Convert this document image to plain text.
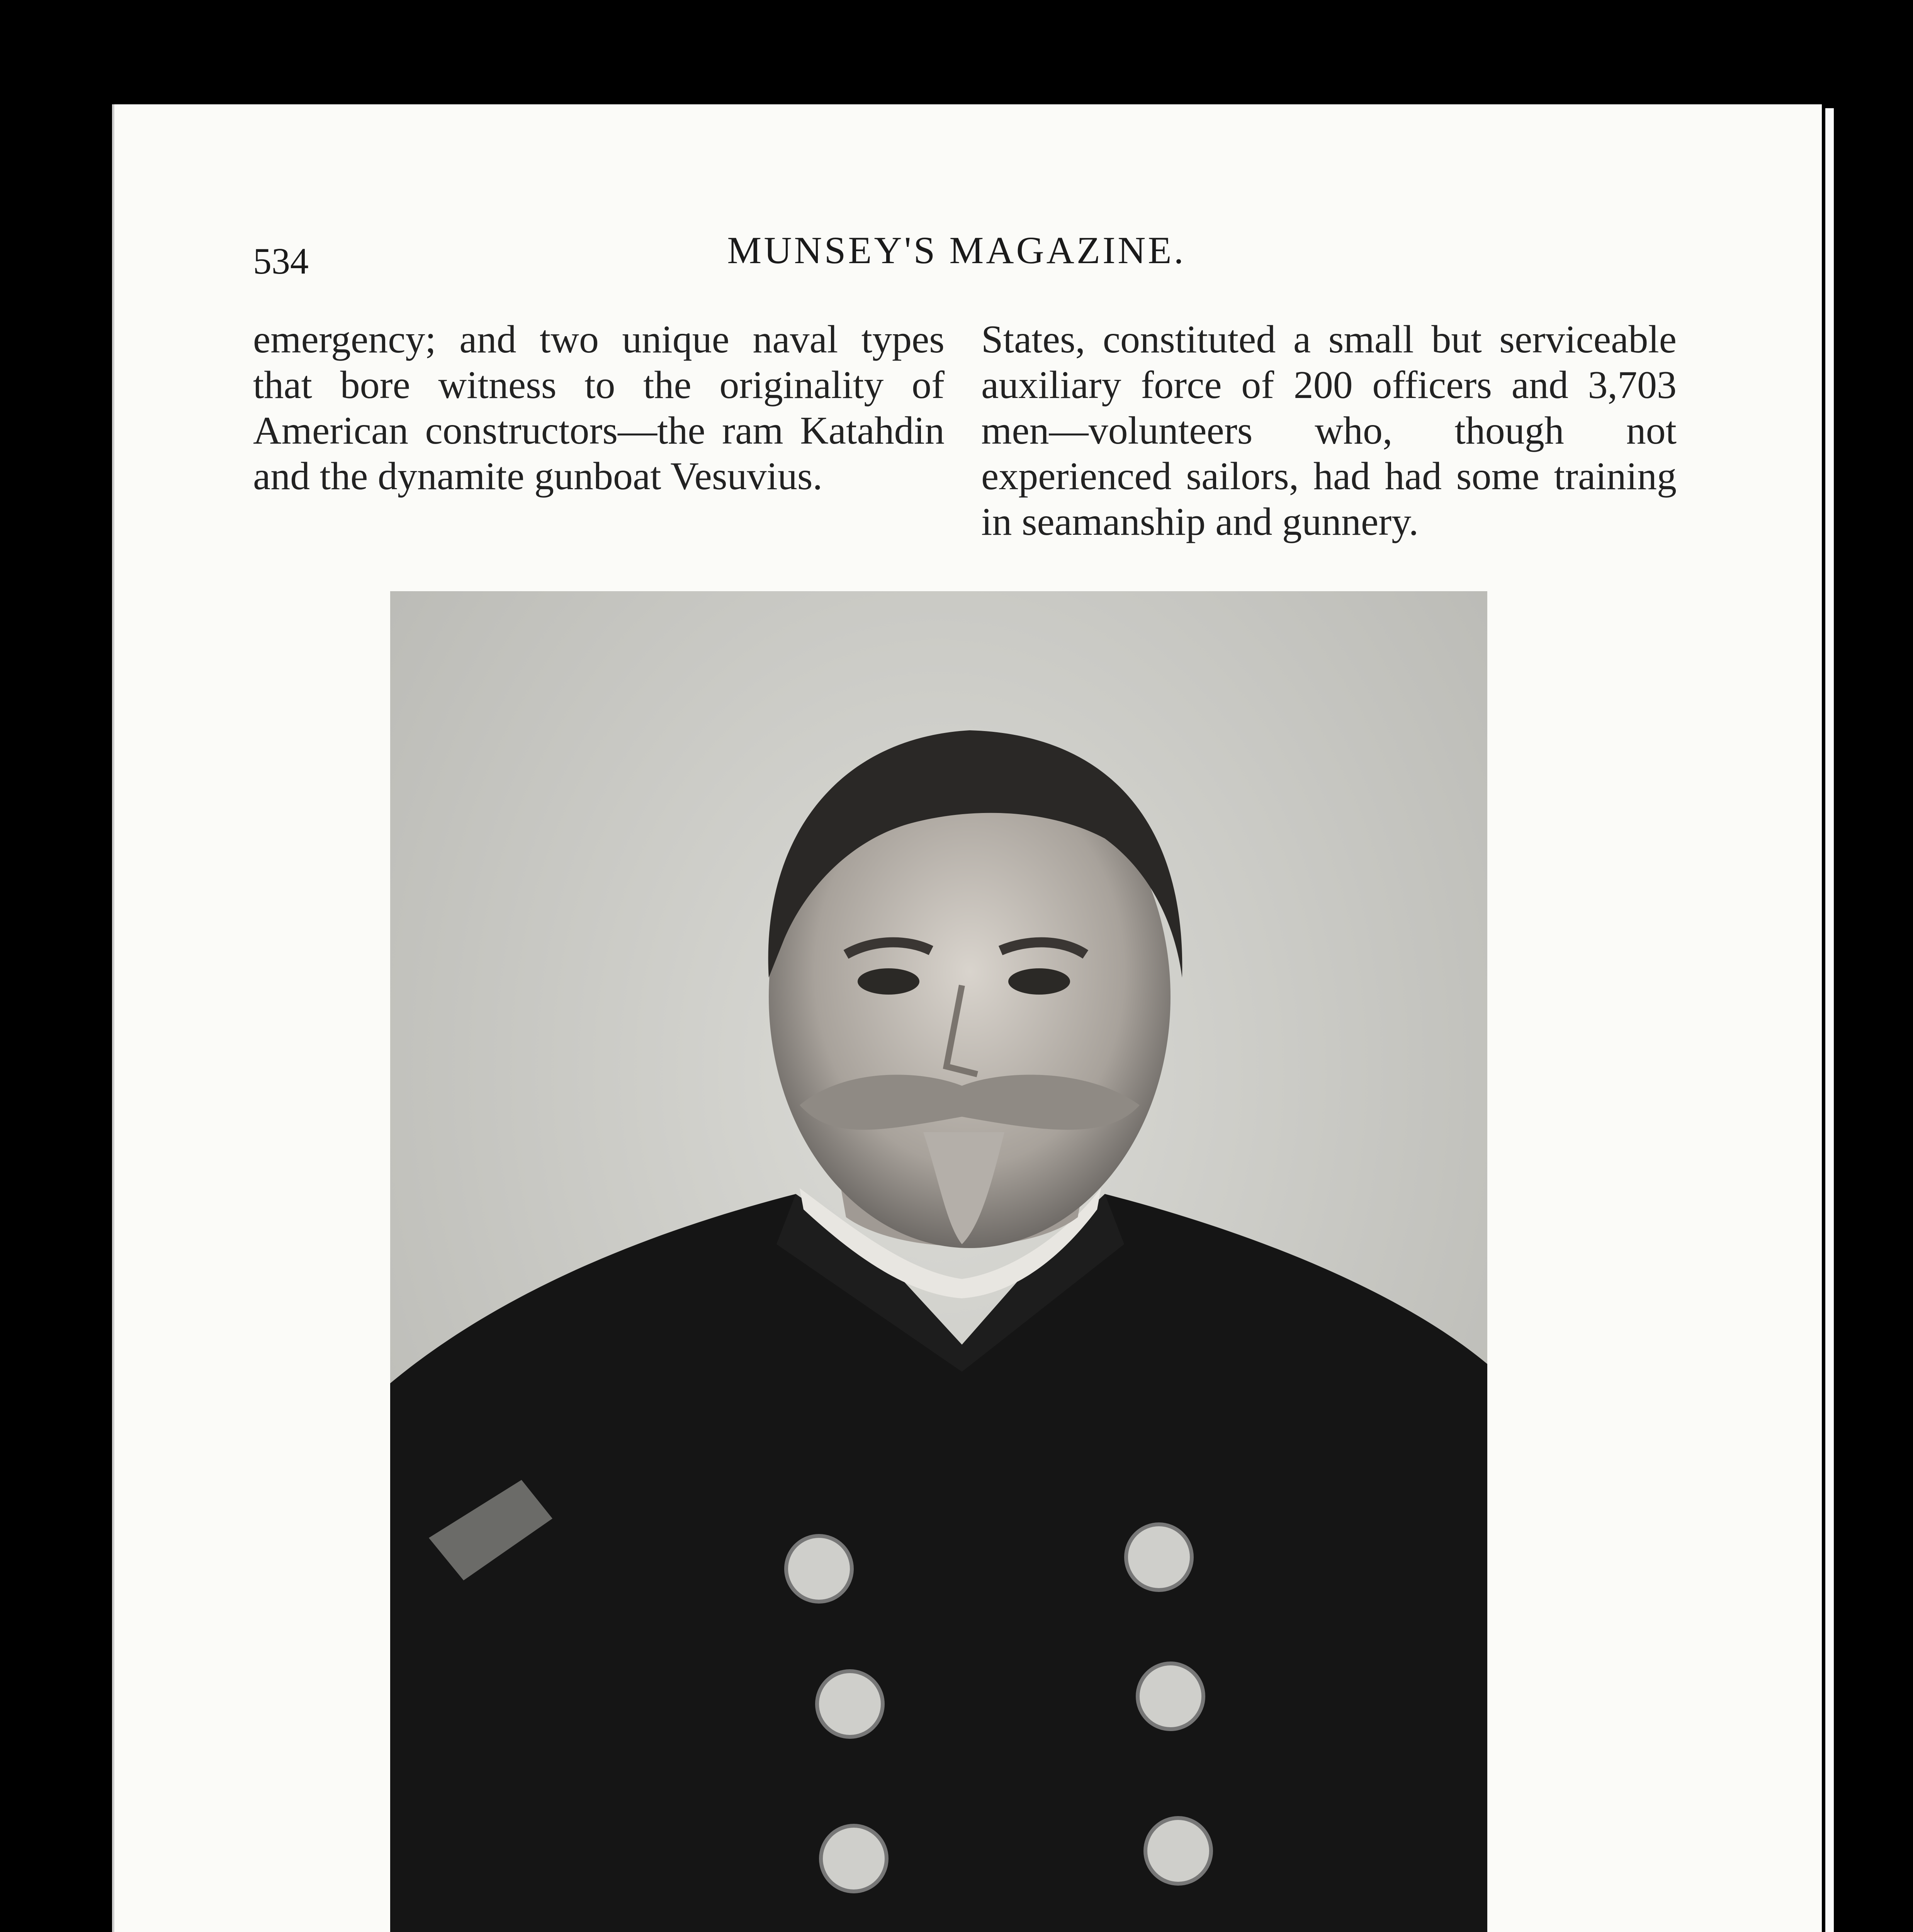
534	MUNSEY'S MAGAZINE.

emergency; and two unique naval types that bore witness to the originality of American constructors—the ram Katahdin and the dynamite gunboat Vesuvius.

States, constituted a small but serviceable auxiliary force of 200 officers and 3,703 men—volunteers who, though not experienced sailors, had had some training in seamanship and gunnery.
